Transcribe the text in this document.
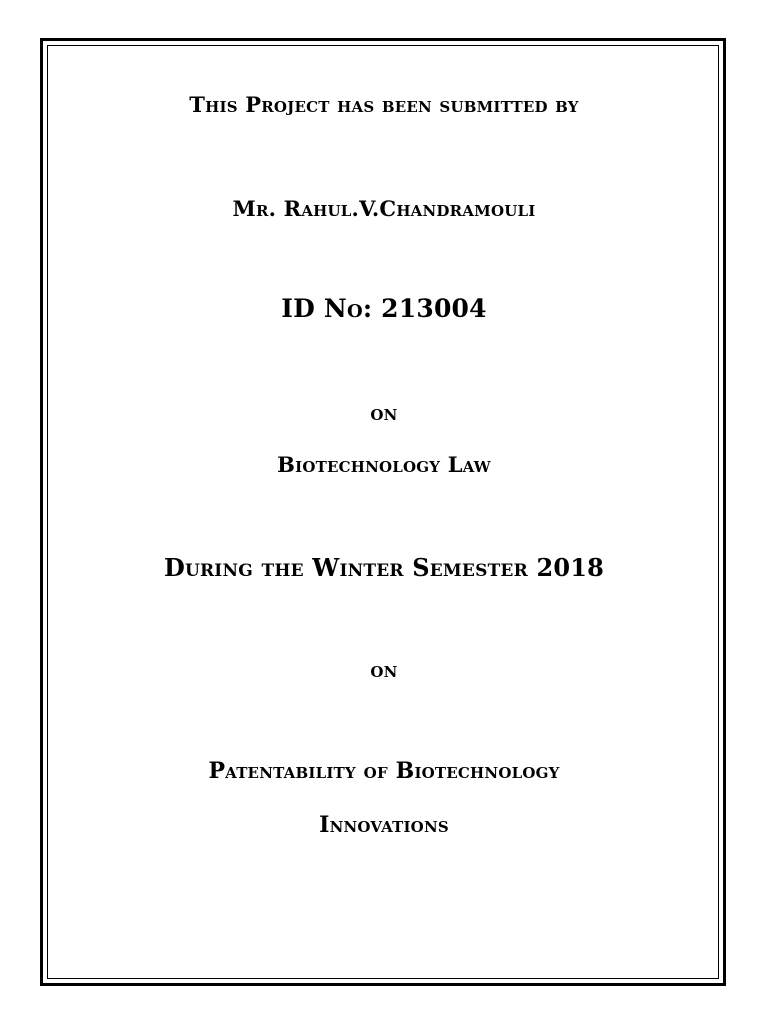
This Project has been submitted by
Mr. Rahul.V.Chandramouli
ID No: 213004
on
Biotechnology Law
During the Winter Semester 2018
on
Patentability of Biotechnology
Innovations
